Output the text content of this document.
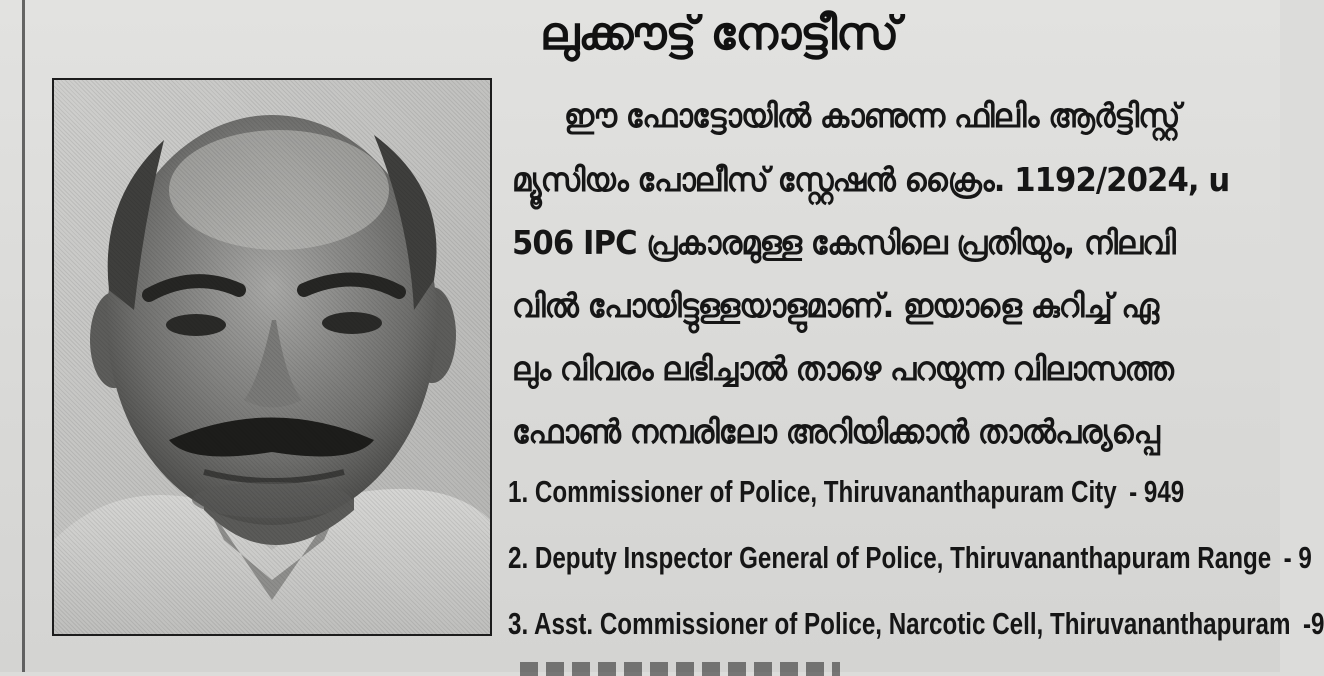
ലുക്കൗട്ട് നോട്ടീസ്
ഈ ഫോട്ടോയിൽ കാണുന്ന ഫിലിം ആർട്ടിസ്റ്റ്
മ്യൂസിയം പോലീസ് സ്റ്റേഷൻ ക്രൈം. 1192/2024, u
506 IPC പ്രകാരമുള്ള കേസിലെ പ്രതിയും, നിലവി
വിൽ പോയിട്ടുള്ളയാളുമാണ്. ഇയാളെ കുറിച്ച് ഏ
ലും വിവരം ലഭിച്ചാൽ താഴെ പറയുന്ന വിലാസത്ത
ഫോൺ നമ്പരിലോ അറിയിക്കാൻ താൽപര്യപ്പെ
1. Commissioner of Police, Thiruvananthapuram City - 949
2. Deputy Inspector General of Police, Thiruvananthapuram Range - 9
3. Asst. Commissioner of Police, Narcotic Cell, Thiruvananthapuram -9
